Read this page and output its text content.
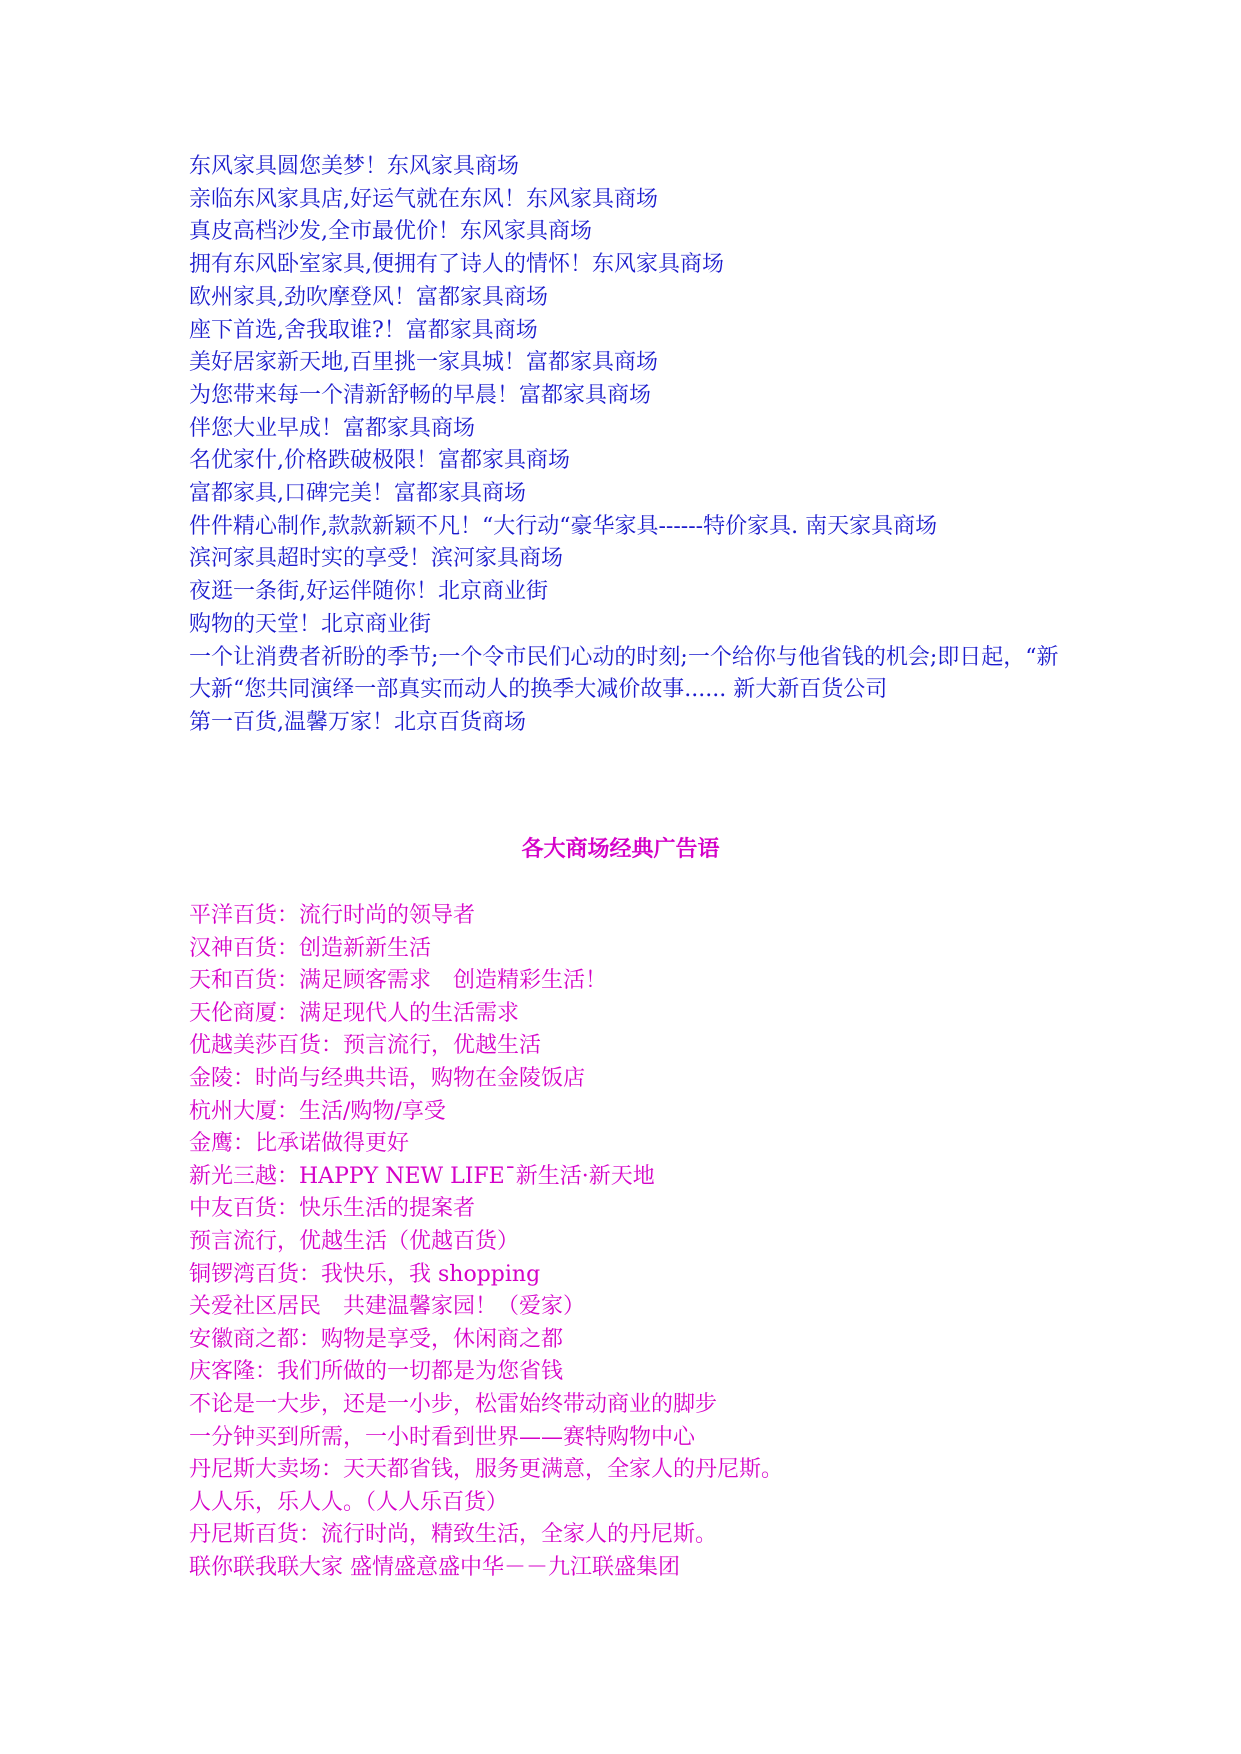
东风家具圆您美梦！东风家具商场
亲临东风家具店,好运气就在东风！东风家具商场
真皮高档沙发,全市最优价！东风家具商场
拥有东风卧室家具,便拥有了诗人的情怀！东风家具商场
欧州家具,劲吹摩登风！富都家具商场
座下首选,舍我取谁?！富都家具商场
美好居家新天地,百里挑一家具城！富都家具商场
为您带来每一个清新舒畅的早晨！富都家具商场
伴您大业早成！富都家具商场
名优家什,价格跌破极限！富都家具商场
富都家具,口碑完美！富都家具商场
件件精心制作,款款新颖不凡！“大行动“豪华家具------特价家具. 南天家具商场
滨河家具超时实的享受！滨河家具商场
夜逛一条街,好运伴随你！北京商业街
购物的天堂！北京商业街
一个让消费者祈盼的季节;一个令市民们心动的时刻;一个给你与他省钱的机会;即日起，“新大新“您共同演绎一部真实而动人的换季大减价故事...... 新大新百货公司
第一百货,温馨万家！北京百货商场
各大商场经典广告语
平洋百货：流行时尚的领导者
汉神百货：创造新新生活
天和百货：满足顾客需求　创造精彩生活！
天伦商厦：满足现代人的生活需求
优越美莎百货：预言流行，优越生活
金陵：时尚与经典共语，购物在金陵饭店
杭州大厦：生活/购物/享受
金鹰：比承诺做得更好
新光三越：HAPPY NEW LIFE¯新生活·新天地
中友百货：快乐生活的提案者
预言流行，优越生活（优越百货）
铜锣湾百货：我快乐，我 shopping
关爱社区居民　共建温馨家园！（爱家）
安徽商之都：购物是享受，休闲商之都
庆客隆：我们所做的一切都是为您省钱
不论是一大步，还是一小步，松雷始终带动商业的脚步
一分钟买到所需，一小时看到世界——赛特购物中心
丹尼斯大卖场：天天都省钱，服务更满意，全家人的丹尼斯。
人人乐，乐人人。（人人乐百货）
丹尼斯百货：流行时尚，精致生活，全家人的丹尼斯。
联你联我联大家 盛情盛意盛中华－－九江联盛集团
